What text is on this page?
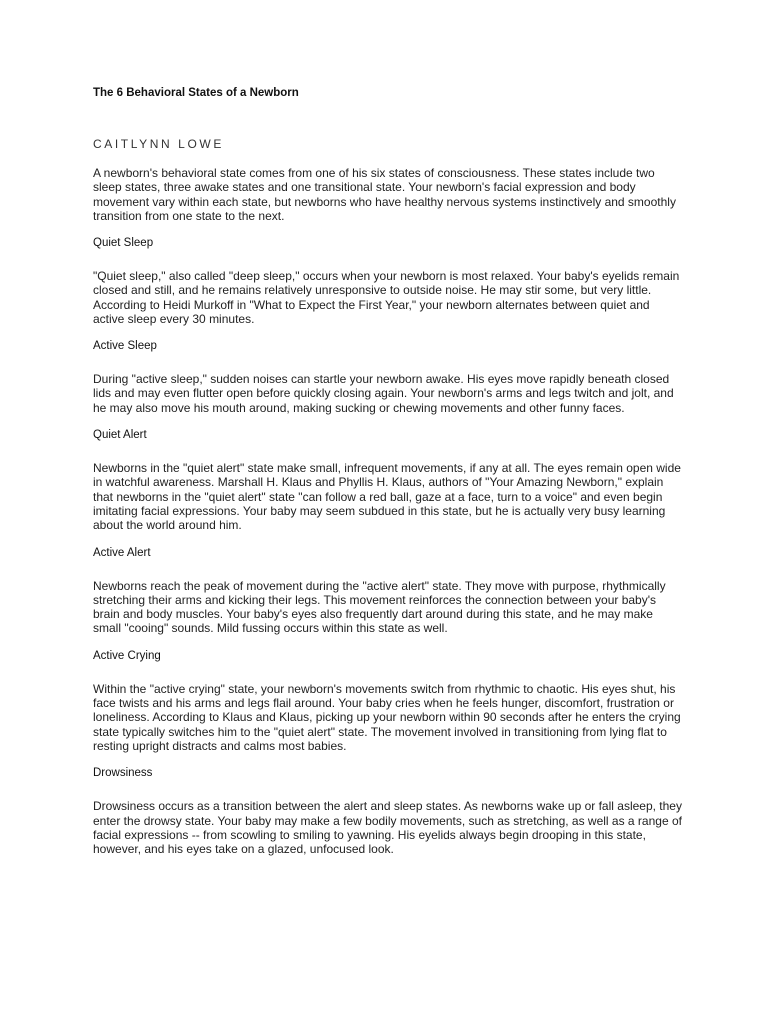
The 6 Behavioral States of a Newborn
CAITLYNN LOWE

A newborn's behavioral state comes from one of his six states of consciousness. These states include two sleep states, three awake states and one transitional state. Your newborn's facial expression and body movement vary within each state, but newborns who have healthy nervous systems instinctively and smoothly transition from one state to the next.

Quiet Sleep

"Quiet sleep," also called "deep sleep," occurs when your newborn is most relaxed. Your baby's eyelids remain closed and still, and he remains relatively unresponsive to outside noise. He may stir some, but very little. According to Heidi Murkoff in "What to Expect the First Year," your newborn alternates between quiet and active sleep every 30 minutes.

Active Sleep

During "active sleep," sudden noises can startle your newborn awake. His eyes move rapidly beneath closed lids and may even flutter open before quickly closing again. Your newborn's arms and legs twitch and jolt, and he may also move his mouth around, making sucking or chewing movements and other funny faces.

Quiet Alert

Newborns in the "quiet alert" state make small, infrequent movements, if any at all. The eyes remain open wide in watchful awareness. Marshall H. Klaus and Phyllis H. Klaus, authors of "Your Amazing Newborn," explain that newborns in the "quiet alert" state "can follow a red ball, gaze at a face, turn to a voice" and even begin imitating facial expressions. Your baby may seem subdued in this state, but he is actually very busy learning about the world around him.

Active Alert

Newborns reach the peak of movement during the "active alert" state. They move with purpose, rhythmically stretching their arms and kicking their legs. This movement reinforces the connection between your baby's brain and body muscles. Your baby's eyes also frequently dart around during this state, and he may make small "cooing" sounds. Mild fussing occurs within this state as well.

Active Crying

Within the "active crying" state, your newborn's movements switch from rhythmic to chaotic. His eyes shut, his face twists and his arms and legs flail around. Your baby cries when he feels hunger, discomfort, frustration or loneliness. According to Klaus and Klaus, picking up your newborn within 90 seconds after he enters the crying state typically switches him to the "quiet alert" state. The movement involved in transitioning from lying flat to resting upright distracts and calms most babies.

Drowsiness

Drowsiness occurs as a transition between the alert and sleep states. As newborns wake up or fall asleep, they enter the drowsy state. Your baby may make a few bodily movements, such as stretching, as well as a range of facial expressions -- from scowling to smiling to yawning. His eyelids always begin drooping in this state, however, and his eyes take on a glazed, unfocused look.
